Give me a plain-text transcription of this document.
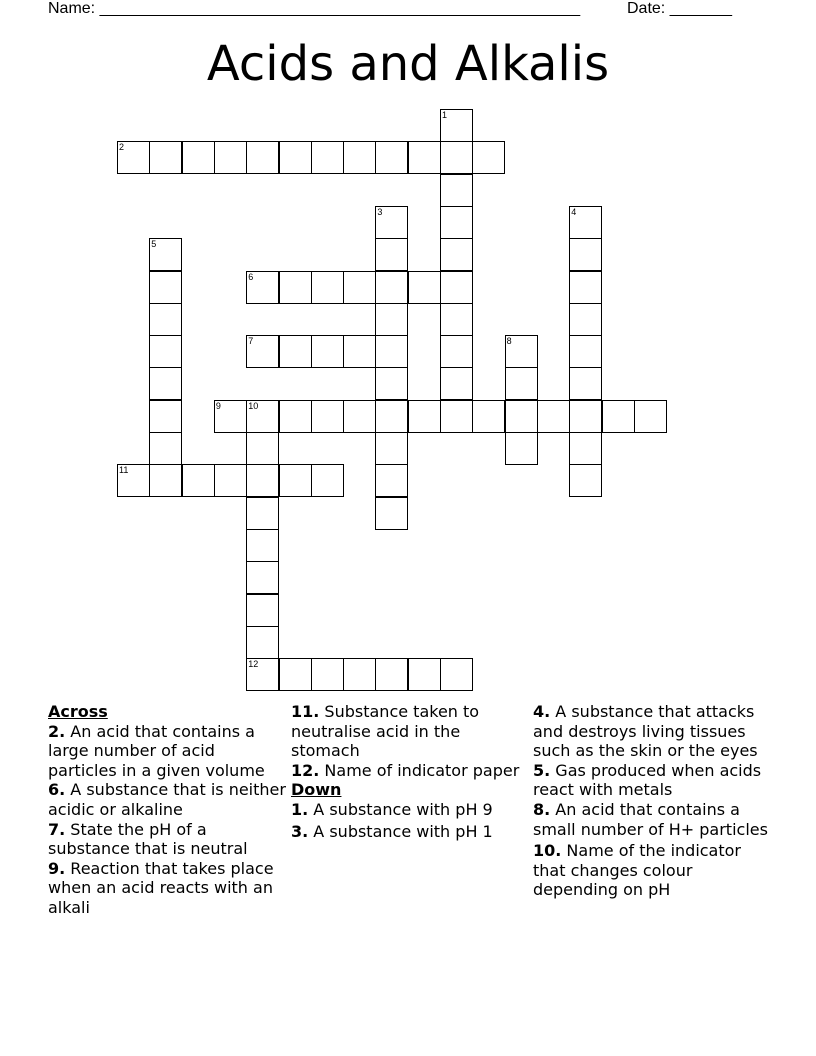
Name: ______________________________________________________	Date: _______
Acids and Alkalis
1
2
3	4
5
6
7	8
9	10
11
12
Across

2. An acid that contains a large number of acid particles in a given volume

6. A substance that is neither acidic or alkaline

7. State the pH of a substance that is neutral

9. Reaction that takes place when an acid reacts with an alkali

11. Substance taken to neutralise acid in the stomach

12. Name of indicator paper

Down

1. A substance with pH 9

3. A substance with pH 1

4. A substance that attacks and destroys living tissues such as the skin or the eyes

5. Gas produced when acids react with metals

8. An acid that contains a small number of H+ particles

10. Name of the indicator that changes colour depending on pH
